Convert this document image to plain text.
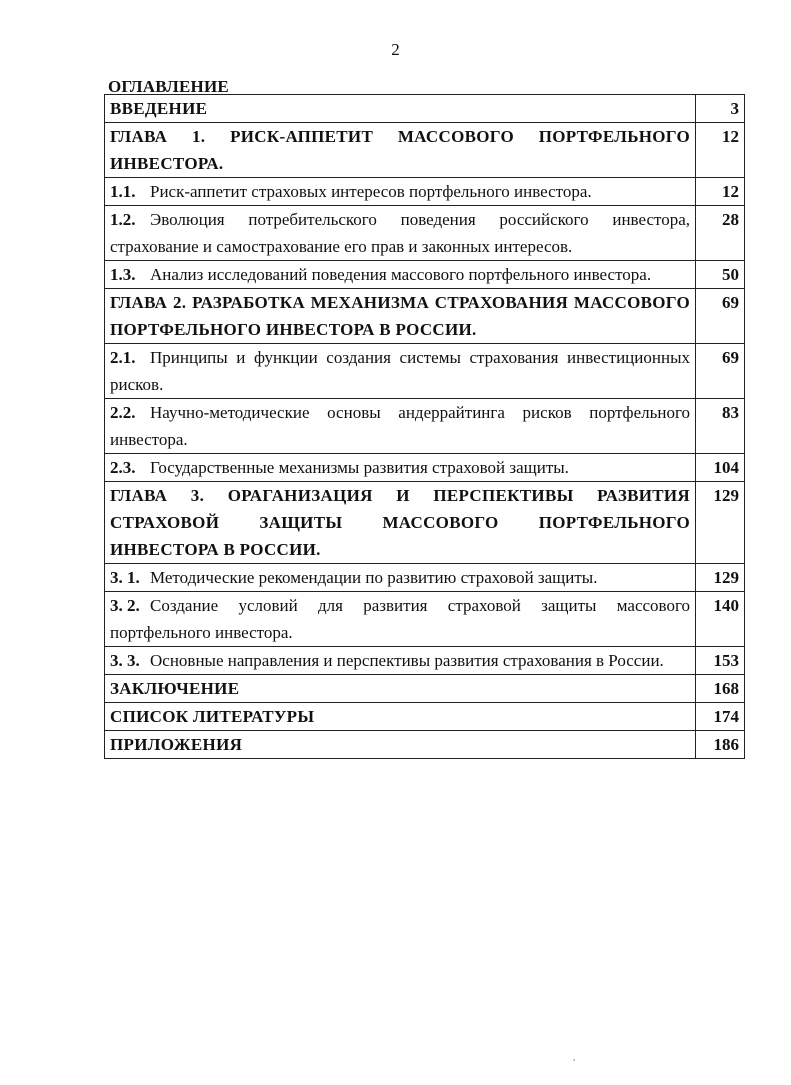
2
ОГЛАВЛЕНИЕ
ВВЕДЕНИЕ	3
ГЛАВА 1. РИСК-АППЕТИТ МАССОВОГО ПОРТФЕЛЬНОГО ИНВЕСТОРА.	12
1.1. Риск-аппетит страховых интересов портфельного инвестора.	12
1.2. Эволюция потребительского поведения российского инвестора, страхование и самострахование его прав и законных интересов.	28
1.3. Анализ исследований поведения массового портфельного инвестора.	50
ГЛАВА 2. РАЗРАБОТКА МЕХАНИЗМА СТРАХОВАНИЯ МАССОВОГО ПОРТФЕЛЬНОГО ИНВЕСТОРА В РОССИИ.	69
2.1. Принципы и функции создания системы страхования инвестиционных рисков.	69
2.2. Научно-методические основы андеррайтинга рисков портфельного инвестора.	83
2.3. Государственные механизмы развития страховой защиты.	104
ГЛАВА 3. ОРАГАНИЗАЦИЯ И ПЕРСПЕКТИВЫ РАЗВИТИЯ СТРАХОВОЙ ЗАЩИТЫ МАССОВОГО ПОРТФЕЛЬНОГО ИНВЕСТОРА В РОССИИ.	129
3. 1. Методические рекомендации по развитию страховой защиты.	129
3. 2. Создание условий для развития страховой защиты массового портфельного инвестора.	140
3. 3. Основные направления и перспективы развития страхования в России.	153
ЗАКЛЮЧЕНИЕ	168
СПИСОК ЛИТЕРАТУРЫ	174
ПРИЛОЖЕНИЯ	186
´
